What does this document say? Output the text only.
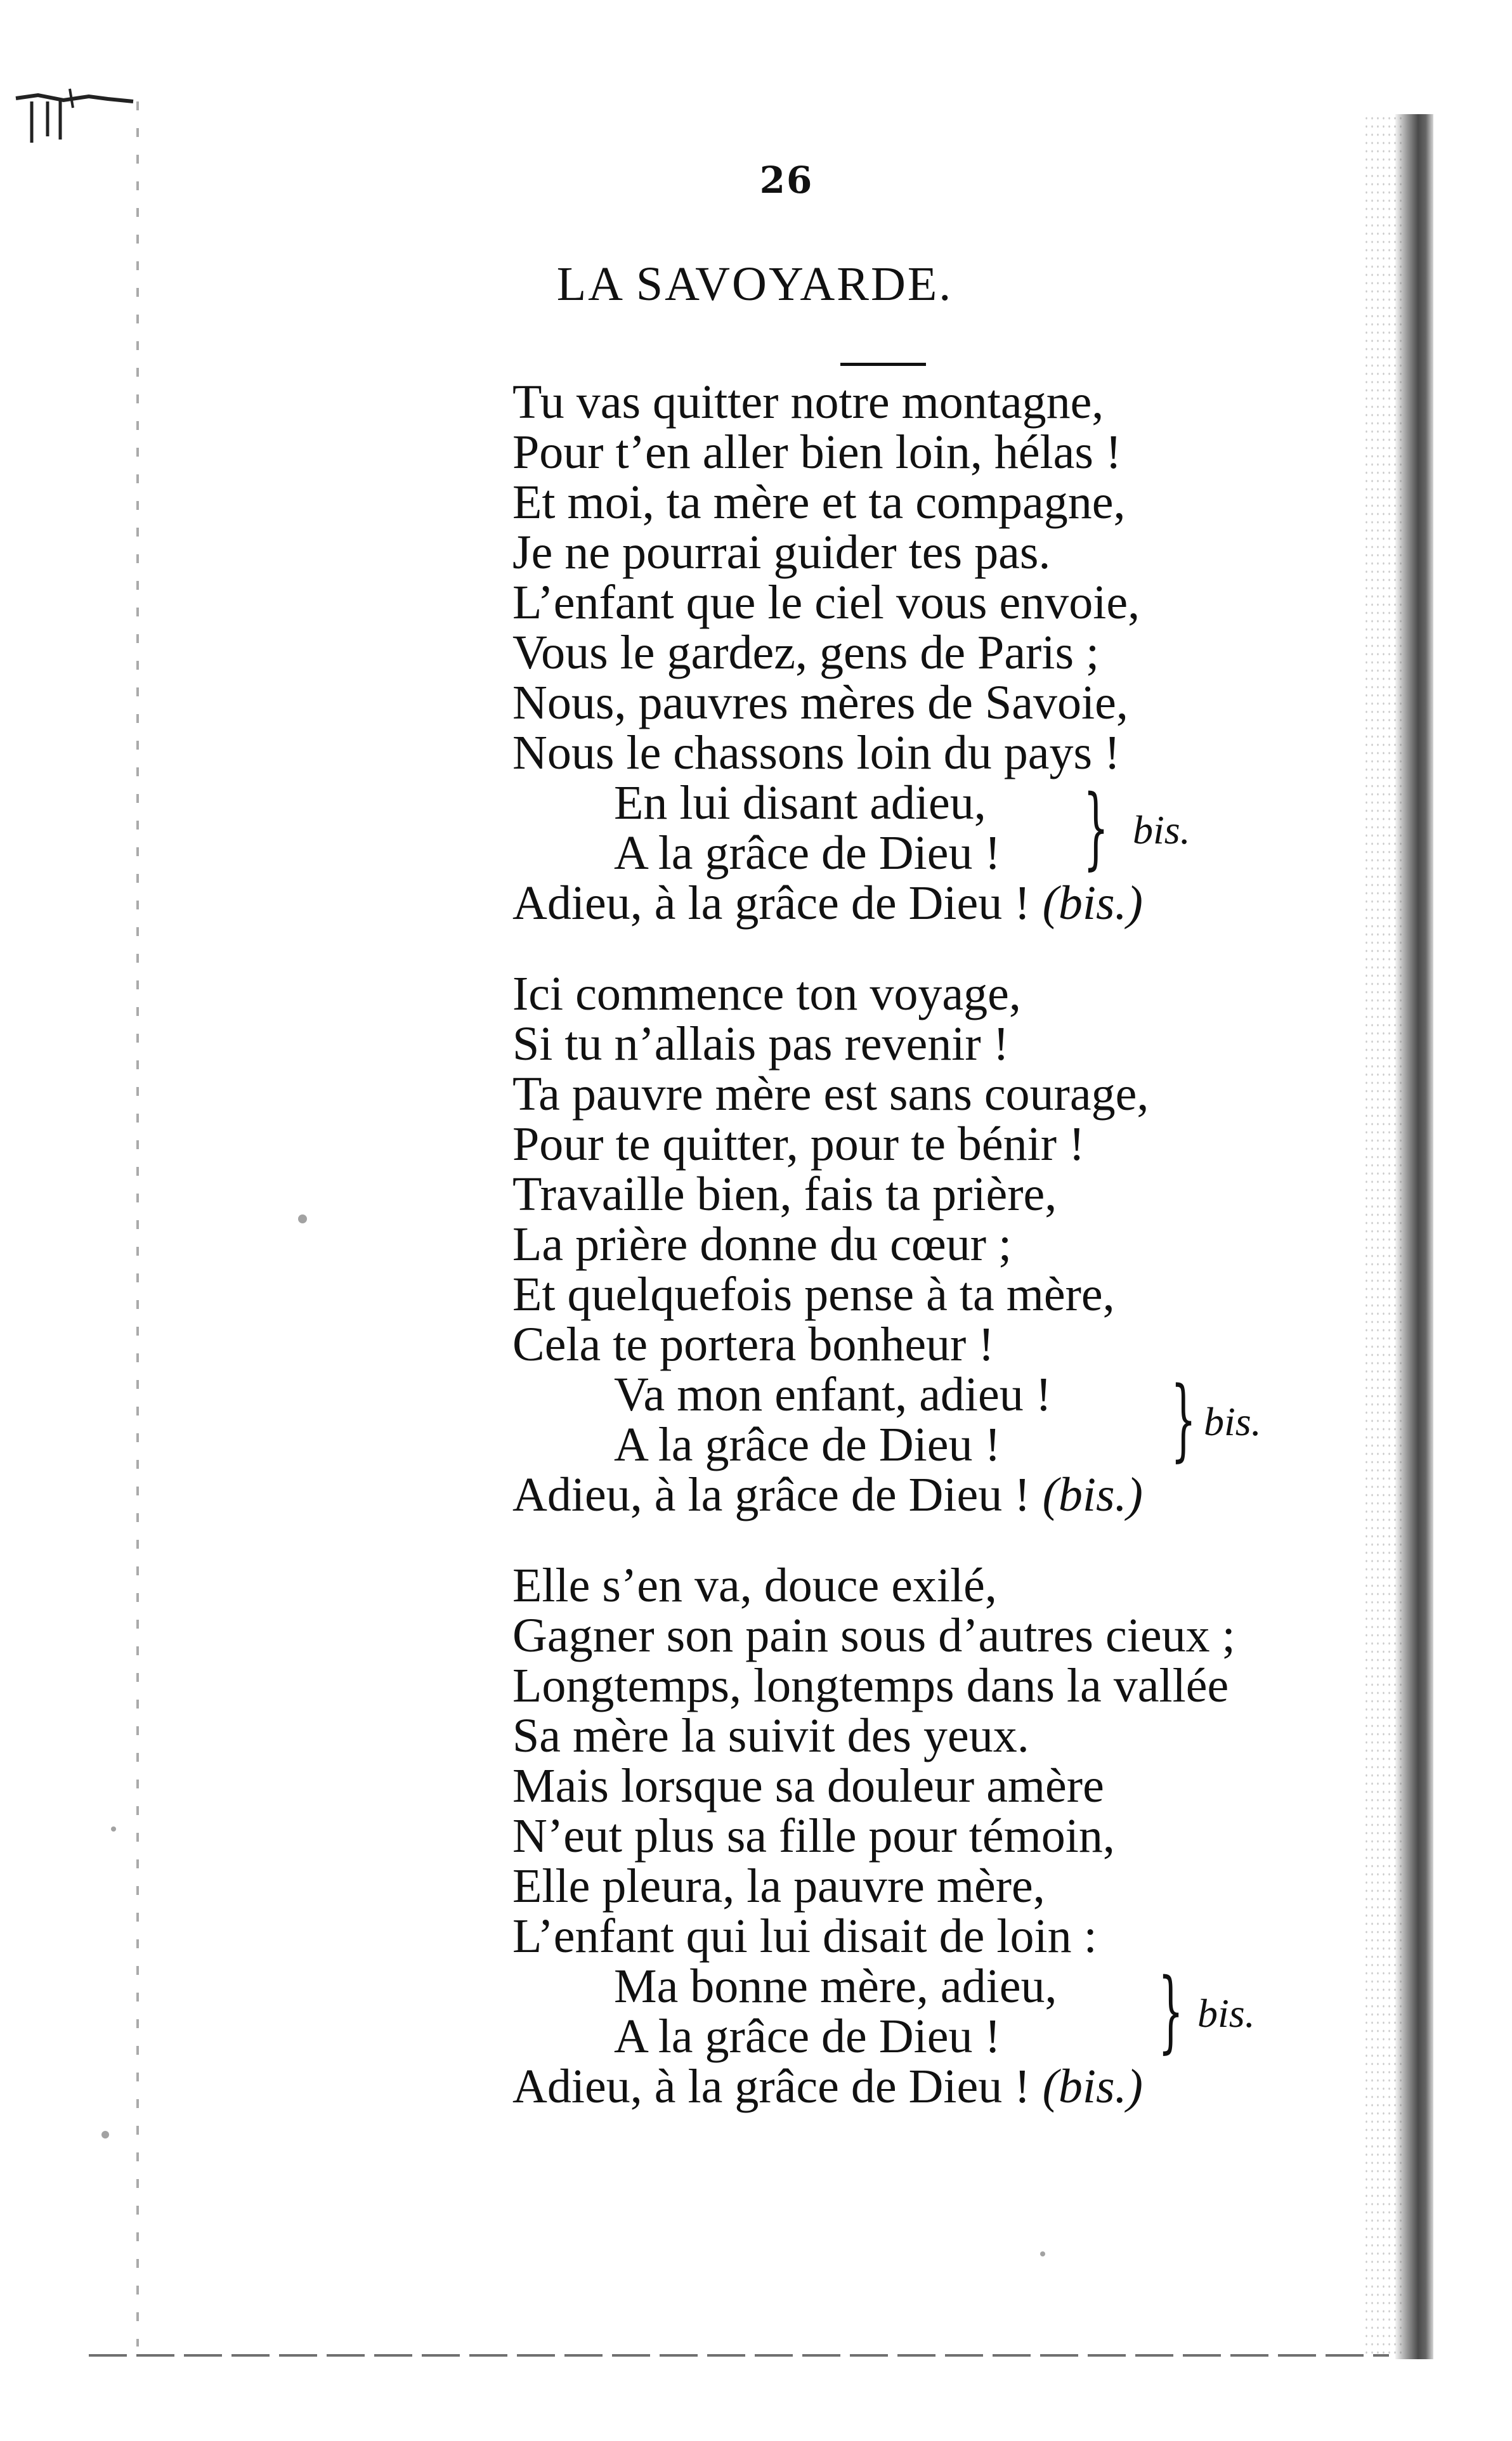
26
LA SAVOYARDE.
Tu vas quitter notre montagne,
Pour t’en aller bien loin, hélas !
Et moi, ta mère et ta compagne,
Je ne pourrai guider tes pas.
L’enfant que le ciel vous envoie,
Vous le gardez, gens de Paris ;
Nous, pauvres mères de Savoie,
Nous le chassons loin du pays !
En lui disant adieu,
A la grâce de Dieu ! } bis.
Adieu, à la grâce de Dieu ! (bis.)
Ici commence ton voyage,
Si tu n’allais pas revenir !
Ta pauvre mère est sans courage,
Pour te quitter, pour te bénir !
Travaille bien, fais ta prière,
La prière donne du cœur ;
Et quelquefois pense à ta mère,
Cela te portera bonheur !
Va mon enfant, adieu !
A la grâce de Dieu !	} bis.
Adieu, à la grâce de Dieu ! (bis.)
Elle s’en va, douce exilé,
Gagner son pain sous d’autres cieux ;
Longtemps, longtemps dans la vallée
Sa mère la suivit des yeux.
Mais lorsque sa douleur amère
N’eut plus sa fille pour témoin,
Elle pleura, la pauvre mère,
L’enfant qui lui disait de loin :
Ma bonne mère, adieu,
A la grâce de Dieu !	} bis.
Adieu, à la grâce de Dieu ! (bis.)
